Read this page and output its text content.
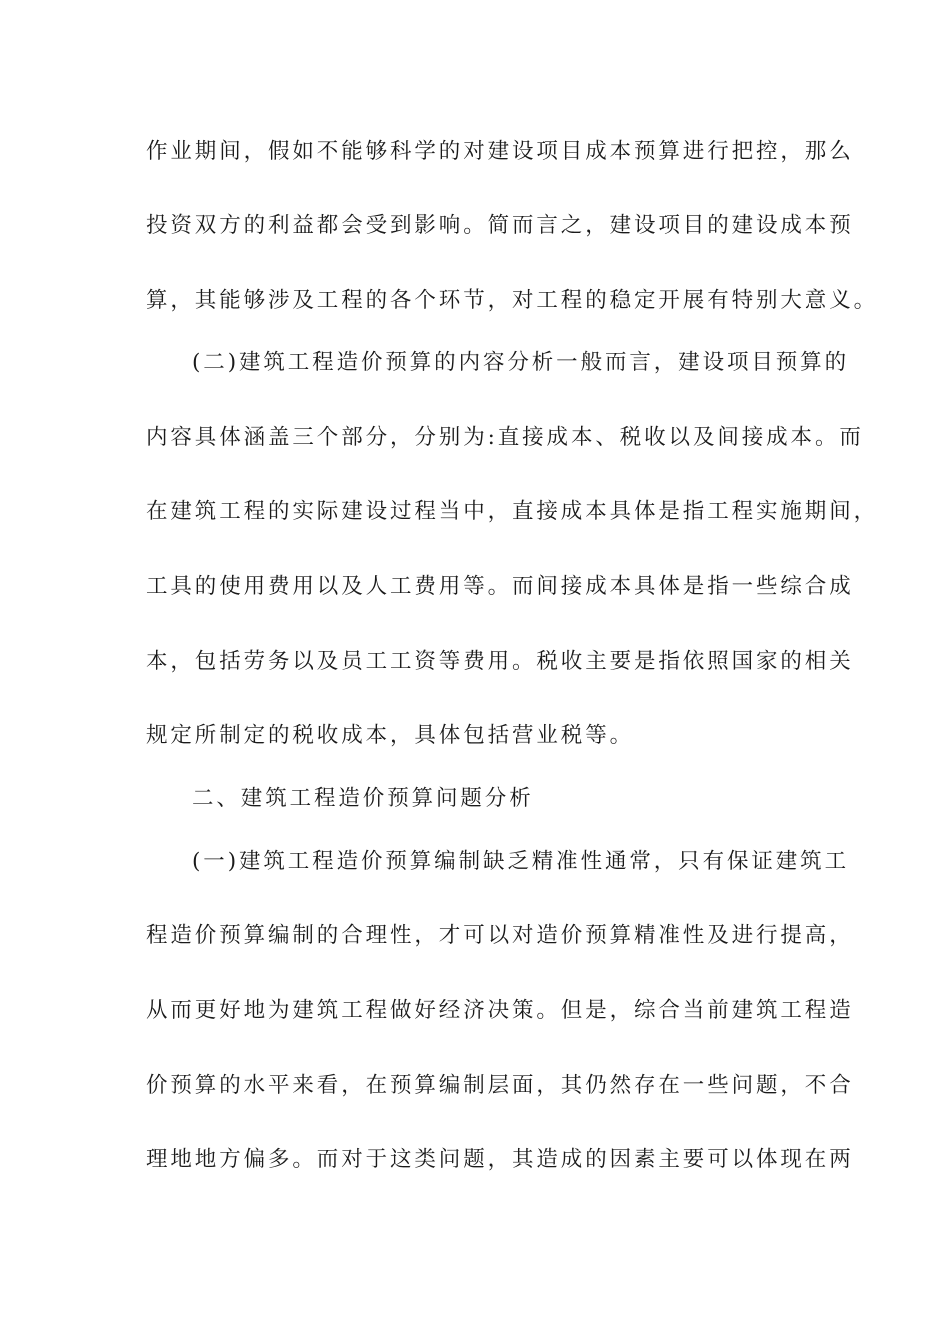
作业期间，假如不能够科学的对建设项目成本预算进行把控，那么
投资双方的利益都会受到影响。简而言之，建设项目的建设成本预
算，其能够涉及工程的各个环节，对工程的稳定开展有特别大意义。
(二)建筑工程造价预算的内容分析一般而言，建设项目预算的
内容具体涵盖三个部分，分别为:直接成本、税收以及间接成本。而
在建筑工程的实际建设过程当中，直接成本具体是指工程实施期间，
工具的使用费用以及人工费用等。而间接成本具体是指一些综合成
本，包括劳务以及员工工资等费用。税收主要是指依照国家的相关
规定所制定的税收成本，具体包括营业税等。
二、建筑工程造价预算问题分析
(一)建筑工程造价预算编制缺乏精准性通常，只有保证建筑工
程造价预算编制的合理性，才可以对造价预算精准性及进行提高，
从而更好地为建筑工程做好经济决策。但是，综合当前建筑工程造
价预算的水平来看，在预算编制层面，其仍然存在一些问题，不合
理地地方偏多。而对于这类问题，其造成的因素主要可以体现在两
